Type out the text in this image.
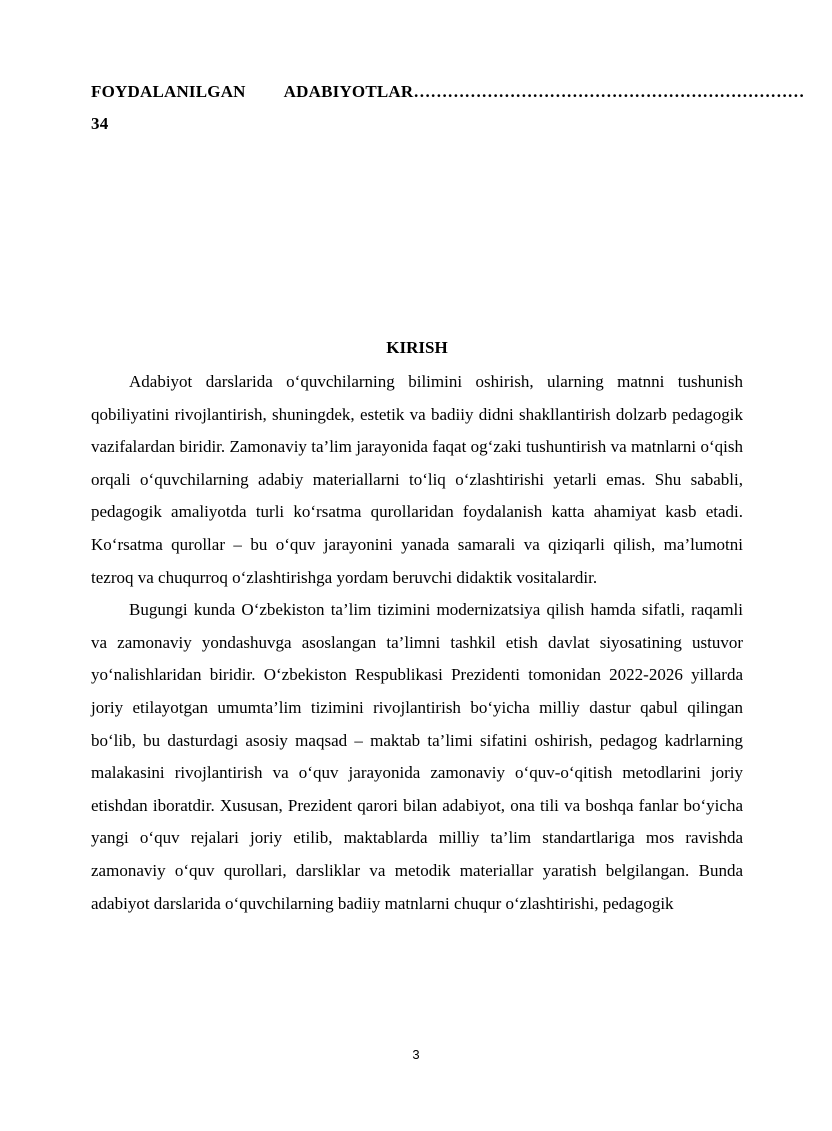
FOYDALANILGAN ADABIYOTLAR ……………………………………………………………
34
KIRISH

Adabiyot darslarida o‘quvchilarning bilimini oshirish, ularning matnni tushunish qobiliyatini rivojlantirish, shuningdek, estetik va badiiy didni shakllantirish dolzarb pedagogik vazifalardan biridir. Zamonaviy ta’lim jarayonida faqat og‘zaki tushuntirish va matnlarni o‘qish orqali o‘quvchilarning adabiy materiallarni to‘liq o‘zlashtirishi yetarli emas. Shu sababli, pedagogik amaliyotda turli ko‘rsatma qurollaridan foydalanish katta ahamiyat kasb etadi. Ko‘rsatma qurollar – bu o‘quv jarayonini yanada samarali va qiziqarli qilish, ma’lumotni tezroq va chuqurroq o‘zlashtirishga yordam beruvchi didaktik vositalardir.

Bugungi kunda O‘zbekiston ta’lim tizimini modernizatsiya qilish hamda sifatli, raqamli va zamonaviy yondashuvga asoslangan ta’limni tashkil etish davlat siyosatining ustuvor yo‘nalishlaridan biridir. O‘zbekiston Respublikasi Prezidenti tomonidan 2022-2026 yillarda joriy etilayotgan umumta’lim tizimini rivojlantirish bo‘yicha milliy dastur qabul qilingan bo‘lib, bu dasturdagi asosiy maqsad – maktab ta’limi sifatini oshirish, pedagog kadrlarning malakasini rivojlantirish va o‘quv jarayonida zamonaviy o‘quv-o‘qitish metodlarini joriy etishdan iboratdir. Xususan, Prezident qarori bilan adabiyot, ona tili va boshqa fanlar bo‘yicha yangi o‘quv rejalari joriy etilib, maktablarda milliy ta’lim standartlariga mos ravishda zamonaviy o‘quv qurollari, darsliklar va metodik materiallar yaratish belgilangan. Bunda adabiyot darslarida o‘quvchilarning badiiy matnlarni chuqur o‘zlashtirishi, pedagogik

3
